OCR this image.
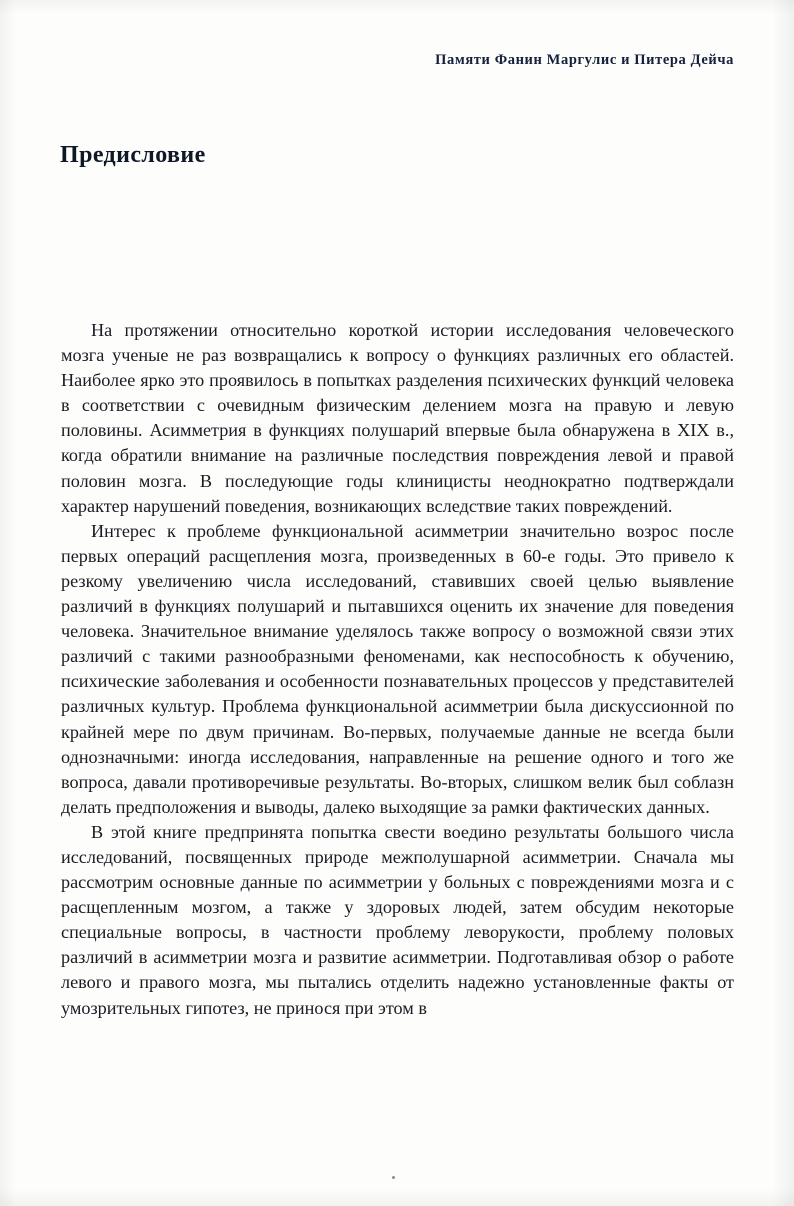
Памяти Фанин Маргулис и Питера Дейча
Предисловие

На протяжении относительно короткой истории исследования человеческого мозга ученые не раз возвращались к вопросу о функциях различных его областей. Наиболее ярко это проявилось в попытках разделения психических функций человека в соответствии с очевидным физическим делением мозга на правую и левую половины. Асимметрия в функциях полушарий впервые была обнаружена в XIX в., когда обратили внимание на различные последствия повреждения левой и правой половин мозга. В последующие годы клиницисты неоднократно подтверждали характер нарушений поведения, возникающих вследствие таких повреждений.

Интерес к проблеме функциональной асимметрии значительно возрос после первых операций расщепления мозга, произведенных в 60-е годы. Это привело к резкому увеличению числа исследований, ставивших своей целью выявление различий в функциях полушарий и пытавшихся оценить их значение для поведения человека. Значительное внимание уделялось также вопросу о возможной связи этих различий с такими разнообразными феноменами, как неспособность к обучению, психические заболевания и особенности познавательных процессов у представителей различных культур. Проблема функциональной асимметрии была дискуссионной по крайней мере по двум причинам. Во-первых, получаемые данные не всегда были однозначными: иногда исследования, направленные на решение одного и того же вопроса, давали противоречивые результаты. Во-вторых, слишком велик был соблазн делать предположения и выводы, далеко выходящие за рамки фактических данных.

В этой книге предпринята попытка свести воедино результаты большого числа исследований, посвященных природе межполушарной асимметрии. Сначала мы рассмотрим основные данные по асимметрии у больных с повреждениями мозга и с расщепленным мозгом, а также у здоровых людей, затем обсудим некоторые специальные вопросы, в частности проблему леворукости, проблему половых различий в асимметрии мозга и развитие асимметрии. Подготавливая обзор о работе левого и правого мозга, мы пытались отделить надежно установленные факты от умозрительных гипотез, не принося при этом в
